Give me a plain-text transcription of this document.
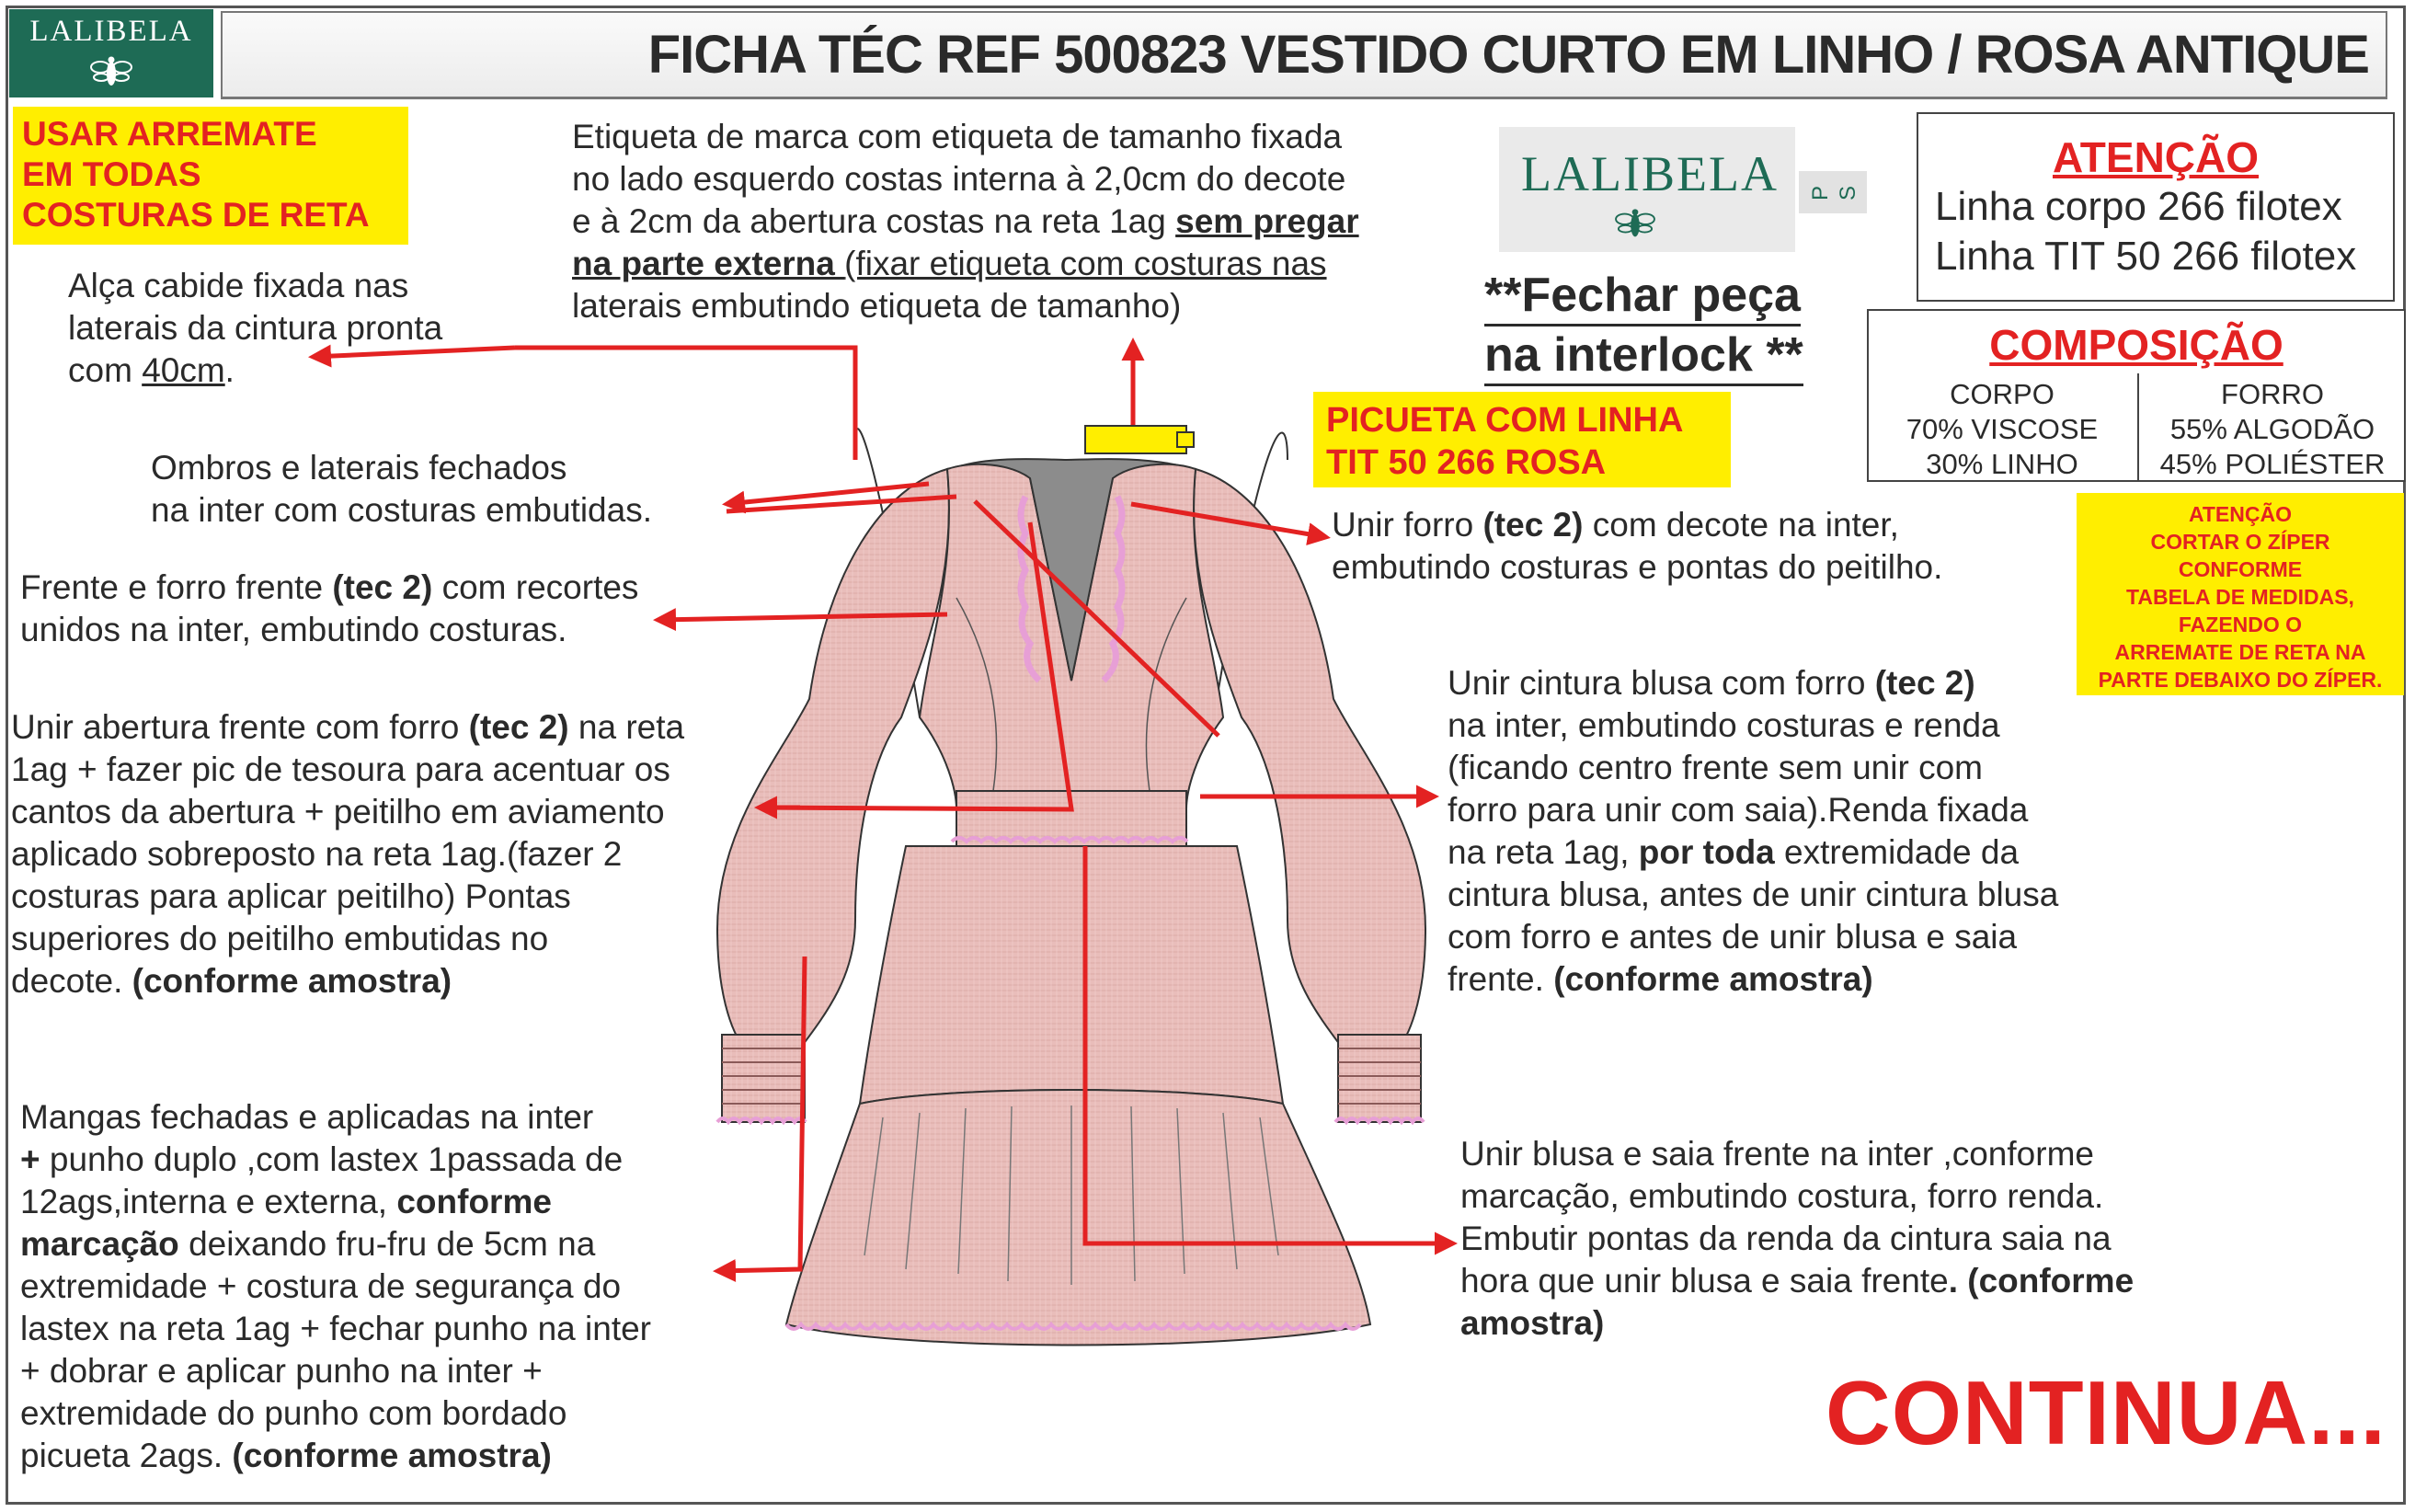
LALIBELA	FICHA TÉC REF 500823 VESTIDO CURTO EM LINHO / ROSA ANTIQUE
USAR ARREMATE
EM TODAS
COSTURAS DE RETA
Etiqueta de marca com etiqueta de tamanho fixada
no lado esquerdo costas interna à 2,0cm do decote
e à 2cm da abertura costas na reta 1ag sem pregar
na parte externa (fixar etiqueta com costuras nas
laterais embutindo etiqueta de tamanho)
LALIBELA P S
**Fechar peça
na interlock **
ATENÇÃO
Linha corpo 266 filotex
Linha TIT 50 266 filotex
COMPOSIÇÃO
CORPO
70% VISCOSE
30% LINHO
FORRO
55% ALGODÃO
45% POLIÉSTER
PICUETA COM LINHA
TIT 50 266 ROSA
ATENÇÃO
CORTAR O ZÍPER
CONFORME
TABELA DE MEDIDAS,
FAZENDO O
ARREMATE DE RETA NA
PARTE DEBAIXO DO ZÍPER.
Alça cabide fixada nas
laterais da cintura pronta
com 40cm.
Ombros e laterais fechados
na inter com costuras embutidas.
Frente e forro frente (tec 2) com recortes
unidos na inter, embutindo costuras.
Unir abertura frente com forro (tec 2) na reta
1ag + fazer pic de tesoura para acentuar os
cantos da abertura + peitilho em aviamento
aplicado sobreposto na reta 1ag.(fazer 2
costuras para aplicar peitilho) Pontas
superiores do peitilho embutidas no
decote. (conforme amostra)
Mangas fechadas e aplicadas na inter
+ punho duplo ,com lastex 1passada de
12ags,interna e externa, conforme
marcação deixando fru-fru de 5cm na
extremidade + costura de segurança do
lastex na reta 1ag + fechar punho na inter
+ dobrar e aplicar punho na inter +
extremidade do punho com bordado
picueta 2ags. (conforme amostra)
Unir forro (tec 2) com decote na inter,
embutindo costuras e pontas do peitilho.
Unir cintura blusa com forro (tec 2)
na inter, embutindo costuras e renda
(ficando centro frente sem unir com
forro para unir com saia).Renda fixada
na reta 1ag, por toda extremidade da
cintura blusa, antes de unir cintura blusa
com forro e antes de unir blusa e saia
frente. (conforme amostra)
Unir blusa e saia frente na inter ,conforme
marcação, embutindo costura, forro renda.
Embutir pontas da renda da cintura saia na
hora que unir blusa e saia frente. (conforme
amostra)
CONTINUA...
